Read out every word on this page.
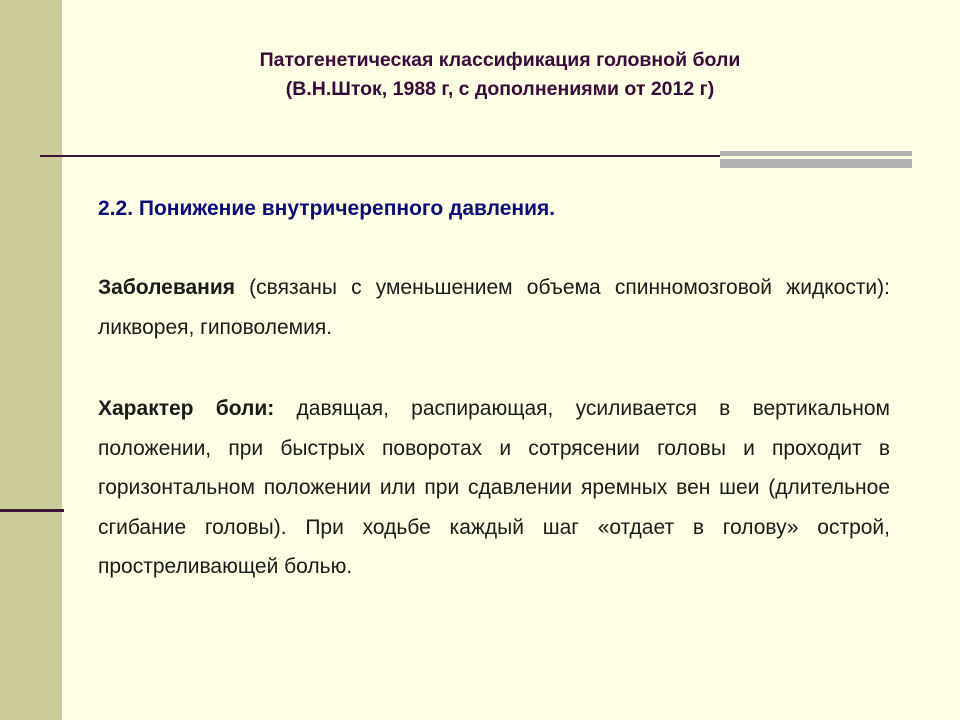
Патогенетическая классификация головной боли
(В.Н.Шток, 1988 г, с дополнениями от 2012 г)

2.2. Понижение внутричерепного давления.

Заболевания (связаны с уменьшением объема спинномозговой жидкости): ликворея, гиповолемия.

Характер боли: давящая, распирающая, усиливается в вертикальном положении, при быстрых поворотах и сотрясении головы и проходит в горизонтальном положении или при сдавлении яремных вен шеи (длительное сгибание головы). При ходьбе каждый шаг «отдает в голову» острой, простреливающей болью.
